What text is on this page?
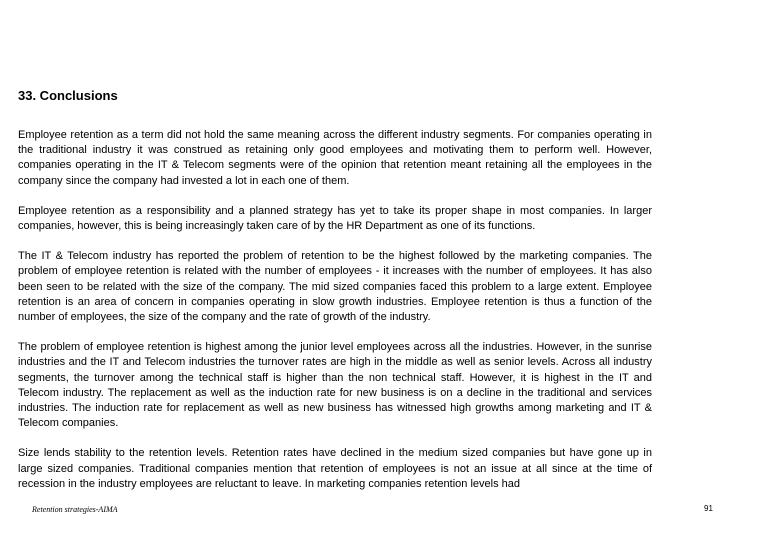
33. Conclusions

Employee retention as a term did not hold the same meaning across the different industry segments. For companies operating in the traditional industry it was construed as retaining only good employees and motivating them to perform well. However, companies operating in the IT & Telecom segments were of the opinion that retention meant retaining all the employees in the company since the company had invested a lot in each one of them.

Employee retention as a responsibility and a planned strategy has yet to take its proper shape in most companies. In larger companies, however, this is being increasingly taken care of by the HR Department as one of its functions.

The IT & Telecom industry has reported the problem of retention to be the highest followed by the marketing companies. The problem of employee retention is related with the number of employees - it increases with the number of employees. It has also been seen to be related with the size of the company. The mid sized companies faced this problem to a large extent. Employee retention is an area of concern in companies operating in slow growth industries. Employee retention is thus a function of the number of employees, the size of the company and the rate of growth of the industry.

The problem of employee retention is highest among the junior level employees across all the industries. However, in the sunrise industries and the IT and Telecom industries the turnover rates are high in the middle as well as senior levels. Across all industry segments, the turnover among the technical staff is higher than the non technical staff. However, it is highest in the IT and Telecom industry. The replacement as well as the induction rate for new business is on a decline in the traditional and services industries. The induction rate for replacement as well as new business has witnessed high growths among marketing and IT & Telecom companies.

Size lends stability to the retention levels. Retention rates have declined in the medium sized companies but have gone up in large sized companies. Traditional companies mention that retention of employees is not an issue at all since at the time of recession in the industry employees are reluctant to leave. In marketing companies retention levels had

Retention strategies-AIMA	91
